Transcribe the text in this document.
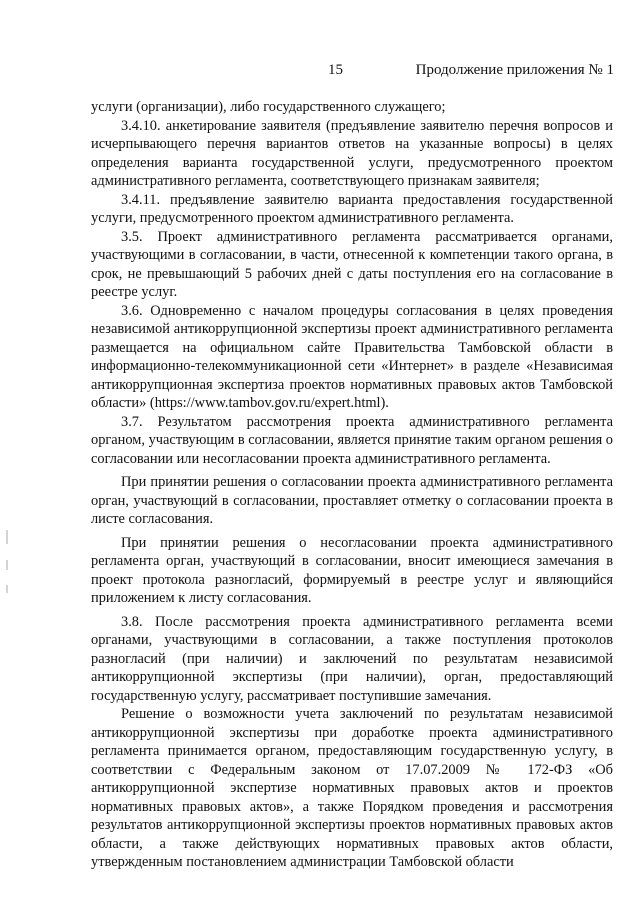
15	Продолжение приложения № 1

услуги (организации), либо государственного служащего;

3.4.10. анкетирование заявителя (предъявление заявителю перечня вопросов и исчерпывающего перечня вариантов ответов на указанные вопросы) в целях определения варианта государственной услуги, предусмотренного проектом административного регламента, соответствующего признакам заявителя;

3.4.11. предъявление заявителю варианта предоставления государственной услуги, предусмотренного проектом административного регламента.

3.5. Проект административного регламента рассматривается органами, участвующими в согласовании, в части, отнесенной к компетенции такого органа, в срок, не превышающий 5 рабочих дней с даты поступления его на согласование в реестре услуг.

3.6. Одновременно с началом процедуры согласования в целях проведения независимой антикоррупционной экспертизы проект административного регламента размещается на официальном сайте Правительства Тамбовской области в информационно-телекоммуникационной сети «Интернет» в разделе «Независимая антикоррупционная экспертиза проектов нормативных правовых актов Тамбовской области» (https://www.tambov.gov.ru/expert.html).

3.7. Результатом рассмотрения проекта административного регламента органом, участвующим в согласовании, является принятие таким органом решения о согласовании или несогласовании проекта административного регламента.

При принятии решения о согласовании проекта административного регламента орган, участвующий в согласовании, проставляет отметку о согласовании проекта в листе согласования.

При принятии решения о несогласовании проекта административного регламента орган, участвующий в согласовании, вносит имеющиеся замечания в проект протокола разногласий, формируемый в реестре услуг и являющийся приложением к листу согласования.

3.8. После рассмотрения проекта административного регламента всеми органами, участвующими в согласовании, а также поступления протоколов разногласий (при наличии) и заключений по результатам независимой антикоррупционной экспертизы (при наличии), орган, предоставляющий государственную услугу, рассматривает поступившие замечания.

Решение о возможности учета заключений по результатам независимой антикоррупционной экспертизы при доработке проекта административного регламента принимается органом, предоставляющим государственную услугу, в соответствии с Федеральным законом от 17.07.2009 № 172-ФЗ «Об антикоррупционной экспертизе нормативных правовых актов и проектов нормативных правовых актов», а также Порядком проведения и рассмотрения результатов антикоррупционной экспертизы проектов нормативных правовых актов области, а также действующих нормативных правовых актов области, утвержденным постановлением администрации Тамбовской области
